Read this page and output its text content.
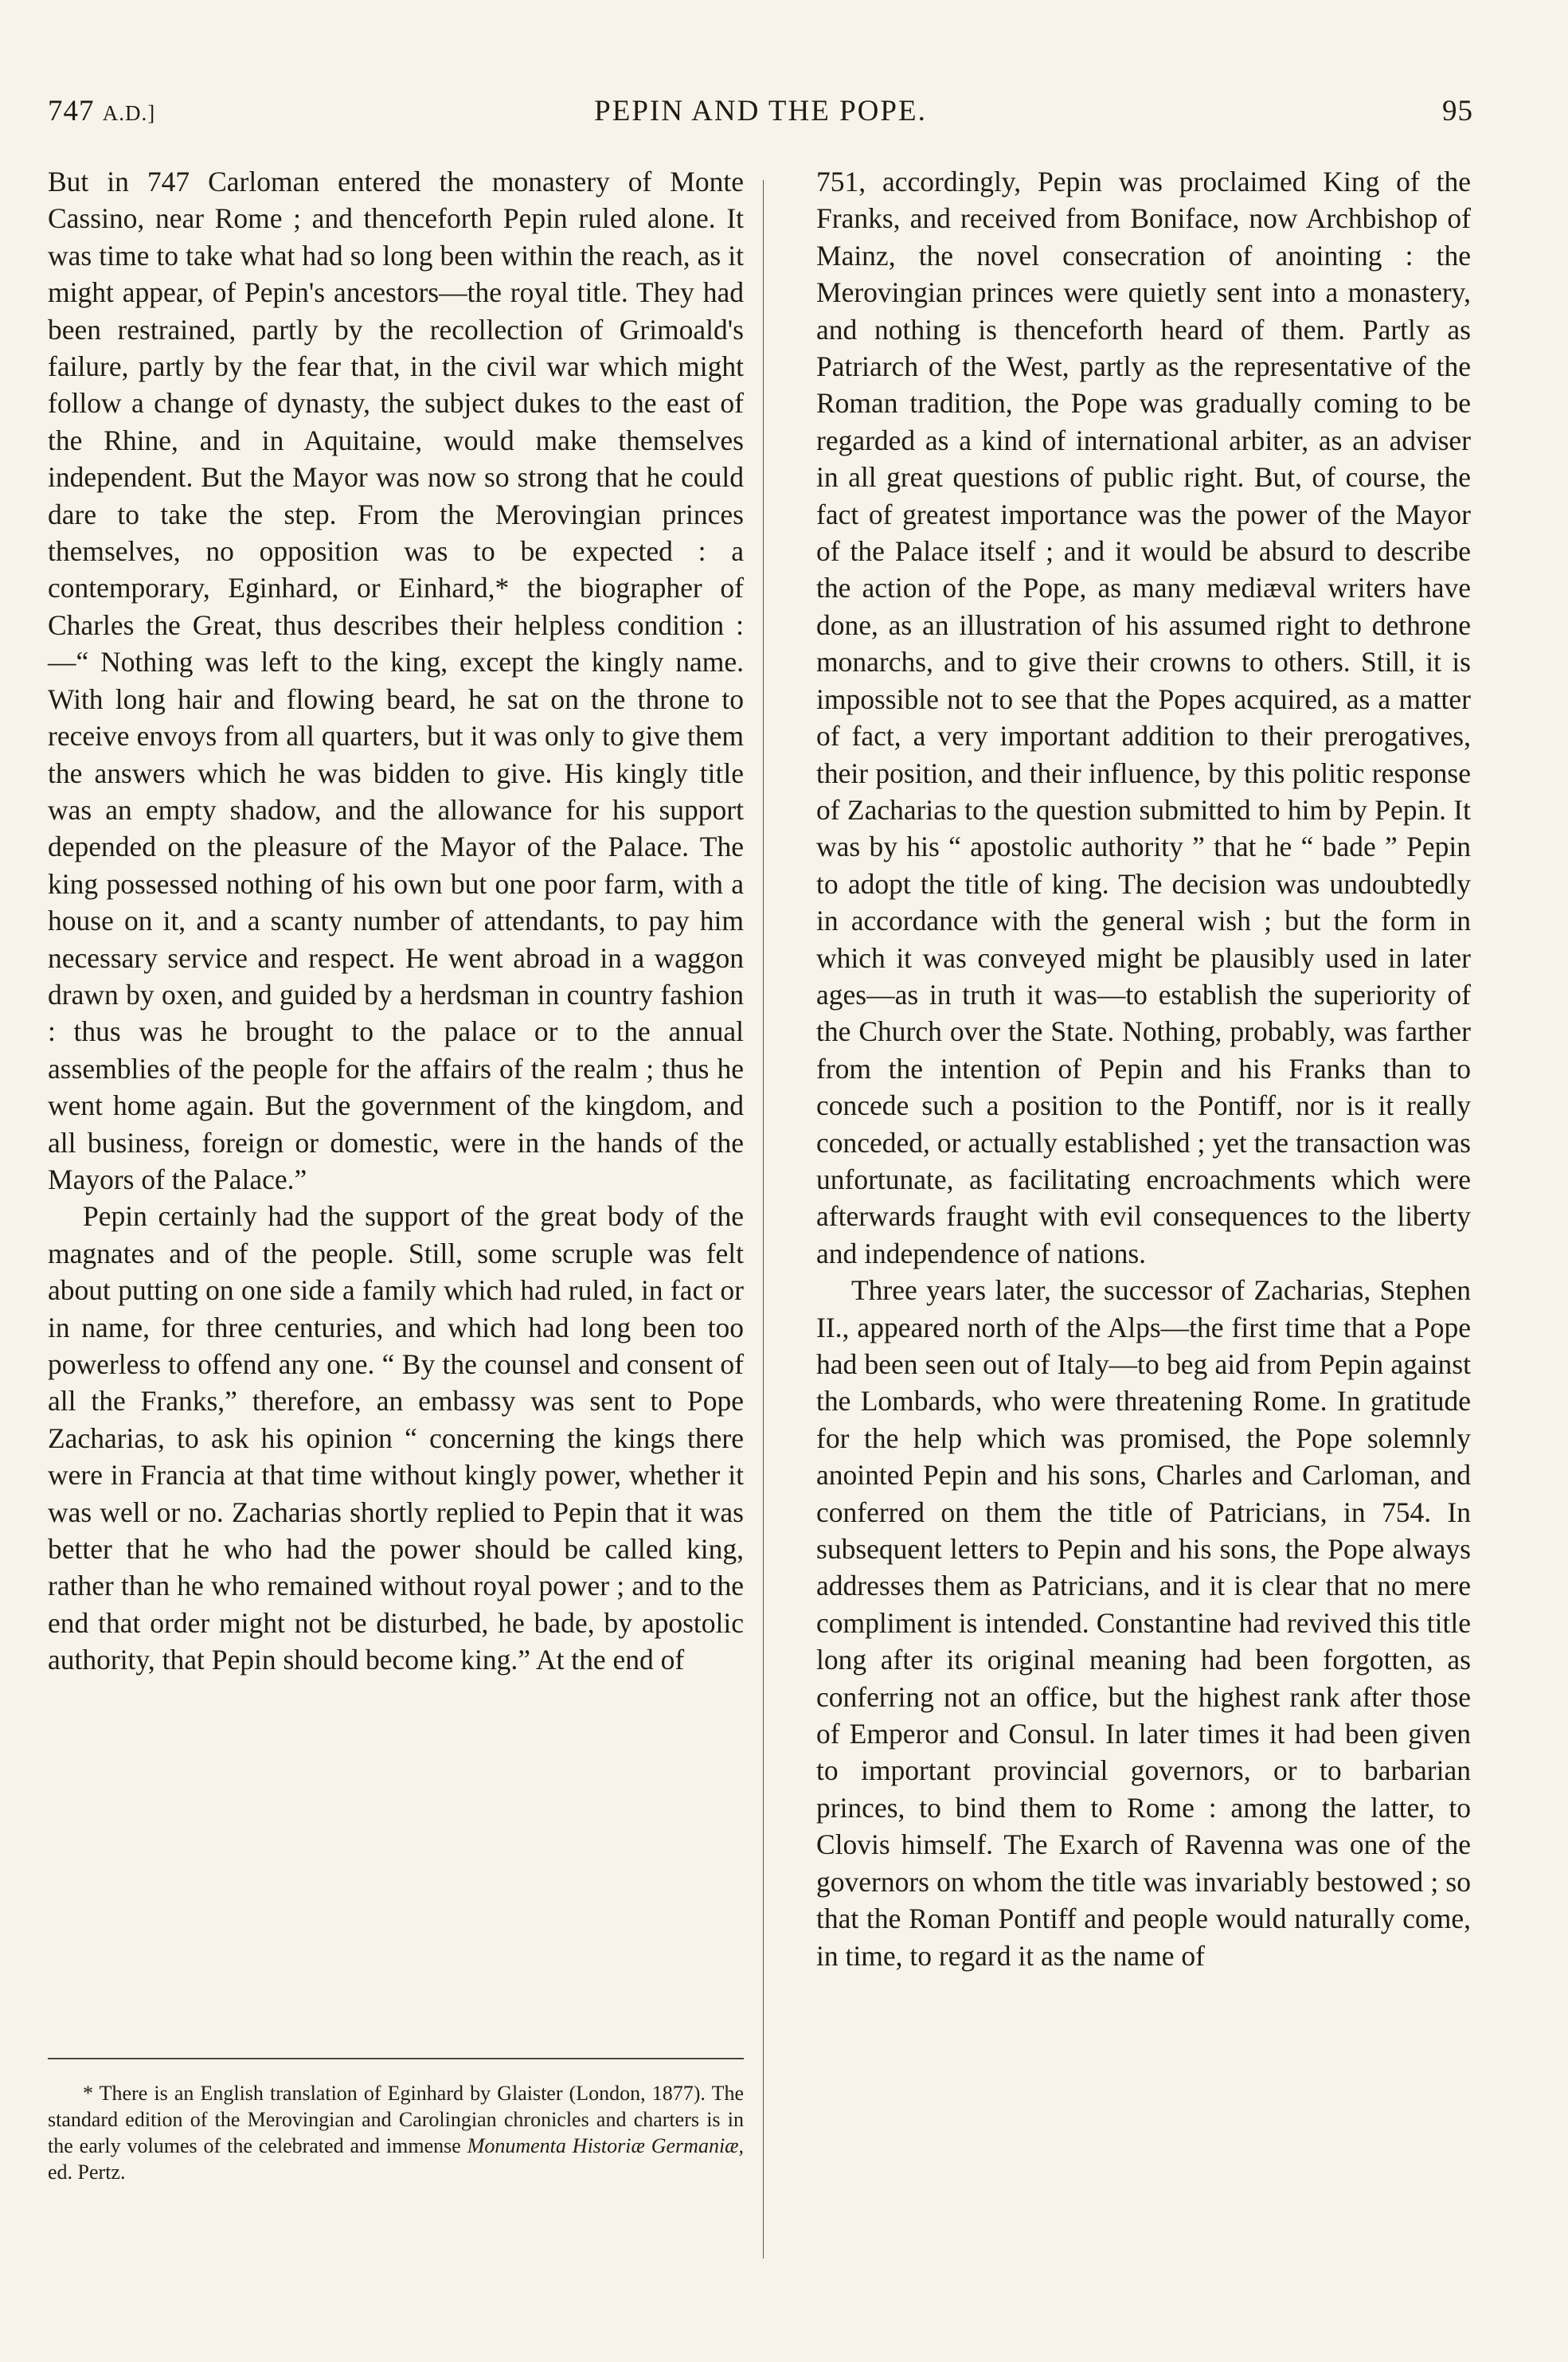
747 A.D.]	PEPIN AND THE POPE.	95

But in 747 Carloman entered the monastery of Monte Cassino, near Rome ; and thenceforth Pepin ruled alone. It was time to take what had so long been within the reach, as it might appear, of Pepin's ancestors—the royal title. They had been restrained, partly by the recollection of Grimoald's failure, partly by the fear that, in the civil war which might follow a change of dynasty, the subject dukes to the east of the Rhine, and in Aquitaine, would make themselves independent. But the Mayor was now so strong that he could dare to take the step. From the Merovingian princes themselves, no opposition was to be expected : a contemporary, Eginhard, or Einhard,* the biographer of Charles the Great, thus describes their helpless condition :—“ Nothing was left to the king, except the kingly name. With long hair and flowing beard, he sat on the throne to receive envoys from all quarters, but it was only to give them the answers which he was bidden to give. His kingly title was an empty shadow, and the allowance for his support depended on the pleasure of the Mayor of the Palace. The king possessed nothing of his own but one poor farm, with a house on it, and a scanty number of attendants, to pay him necessary service and respect. He went abroad in a waggon drawn by oxen, and guided by a herdsman in country fashion : thus was he brought to the palace or to the annual assemblies of the people for the affairs of the realm ; thus he went home again. But the government of the kingdom, and all business, foreign or domestic, were in the hands of the Mayors of the Palace.”

Pepin certainly had the support of the great body of the magnates and of the people. Still, some scruple was felt about putting on one side a family which had ruled, in fact or in name, for three centuries, and which had long been too powerless to offend any one. “ By the counsel and consent of all the Franks,” therefore, an embassy was sent to Pope Zacharias, to ask his opinion “ concerning the kings there were in Francia at that time without kingly power, whether it was well or no. Zacharias shortly replied to Pepin that it was better that he who had the power should be called king, rather than he who remained without royal power ; and to the end that order might not be disturbed, he bade, by apostolic authority, that Pepin should become king.” At the end of

751, accordingly, Pepin was proclaimed King of the Franks, and received from Boniface, now Archbishop of Mainz, the novel consecration of anointing : the Merovingian princes were quietly sent into a monastery, and nothing is thenceforth heard of them. Partly as Patriarch of the West, partly as the representative of the Roman tradition, the Pope was gradually coming to be regarded as a kind of international arbiter, as an adviser in all great questions of public right. But, of course, the fact of greatest importance was the power of the Mayor of the Palace itself ; and it would be absurd to describe the action of the Pope, as many mediæval writers have done, as an illustration of his assumed right to dethrone monarchs, and to give their crowns to others. Still, it is impossible not to see that the Popes acquired, as a matter of fact, a very important addition to their prerogatives, their position, and their influence, by this politic response of Zacharias to the question submitted to him by Pepin. It was by his “ apostolic authority ” that he “ bade ” Pepin to adopt the title of king. The decision was undoubtedly in accordance with the general wish ; but the form in which it was conveyed might be plausibly used in later ages—as in truth it was—to establish the superiority of the Church over the State. Nothing, probably, was farther from the intention of Pepin and his Franks than to concede such a position to the Pontiff, nor is it really conceded, or actually established ; yet the transaction was unfortunate, as facilitating encroachments which were afterwards fraught with evil consequences to the liberty and independence of nations.

Three years later, the successor of Zacharias, Stephen II., appeared north of the Alps—the first time that a Pope had been seen out of Italy—to beg aid from Pepin against the Lombards, who were threatening Rome. In gratitude for the help which was promised, the Pope solemnly anointed Pepin and his sons, Charles and Carloman, and conferred on them the title of Patricians, in 754. In subsequent letters to Pepin and his sons, the Pope always addresses them as Patricians, and it is clear that no mere compliment is intended. Constantine had revived this title long after its original meaning had been forgotten, as conferring not an office, but the highest rank after those of Emperor and Consul. In later times it had been given to important provincial governors, or to barbarian princes, to bind them to Rome : among the latter, to Clovis himself. The Exarch of Ravenna was one of the governors on whom the title was invariably bestowed ; so that the Roman Pontiff and people would naturally come, in time, to regard it as the name of

* There is an English translation of Eginhard by Glaister (London, 1877). The standard edition of the Merovingian and Carolingian chronicles and charters is in the early volumes of the celebrated and immense Monumenta Historiæ Germaniæ, ed. Pertz.
